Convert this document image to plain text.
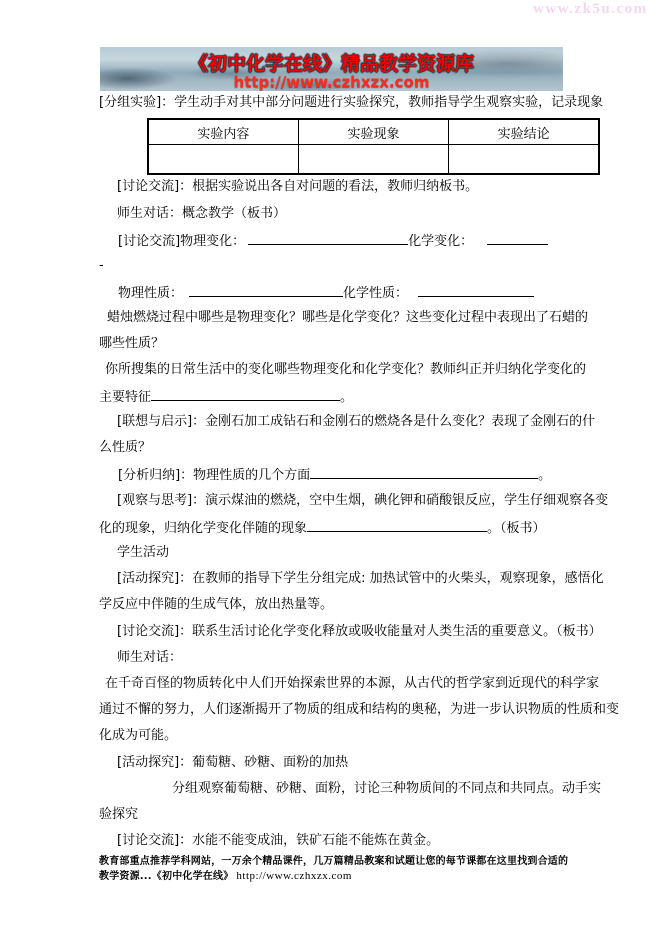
www.zk5u.com
《初中化学在线》精品教学资源库
http://www.czhxzx.com
实验内容	实验现象	实验结论

[分组实验]：学生动手对其中部分问题进行实验探究，教师指导学生观察实验，记录现象
[讨论交流]：根据实验说出各自对问题的看法，教师归纳板书。
师生对话：概念教学（板书）
[讨论交流]物理变化：	化学变化：
-
物理性质：	化学性质：
蜡烛燃烧过程中哪些是物理变化？哪些是化学变化？这些变化过程中表现出了石蜡的
哪些性质？
你所搜集的日常生活中的变化哪些物理变化和化学变化？教师纠正并归纳化学变化的
主要特征	。
[联想与启示]：金刚石加工成钻石和金刚石的燃烧各是什么变化？表现了金刚石的什
么性质？
[分析归纳]：物理性质的几个方面	。
[观察与思考]：演示煤油的燃烧，空中生烟，碘化钾和硝酸银反应，学生仔细观察各变
化的现象，归纳化学变化伴随的现象	。（板书）
学生活动
[活动探究]：在教师的指导下学生分组完成: 加热试管中的火柴头，观察现象，感悟化
学反应中伴随的生成气体，放出热量等。
[讨论交流]：联系生活讨论化学变化释放或吸收能量对人类生活的重要意义。（板书）
师生对话：
在千奇百怪的物质转化中人们开始探索世界的本源，从古代的哲学家到近现代的科学家
通过不懈的努力，人们逐渐揭开了物质的组成和结构的奥秘，为进一步认识物质的性质和变
化成为可能。
[活动探究]：葡萄糖、砂糖、面粉的加热
分组观察葡萄糖、砂糖、面粉，讨论三种物质间的不同点和共同点。动手实
验探究
[讨论交流]：水能不能变成油，铁矿石能不能炼在黄金。
教育部重点推荐学科网站，一万余个精品课件，几万篇精品教案和试题让您的每节课都在这里找到合适的
教学资源...《初中化学在线》 http://www.czhxzx.com
